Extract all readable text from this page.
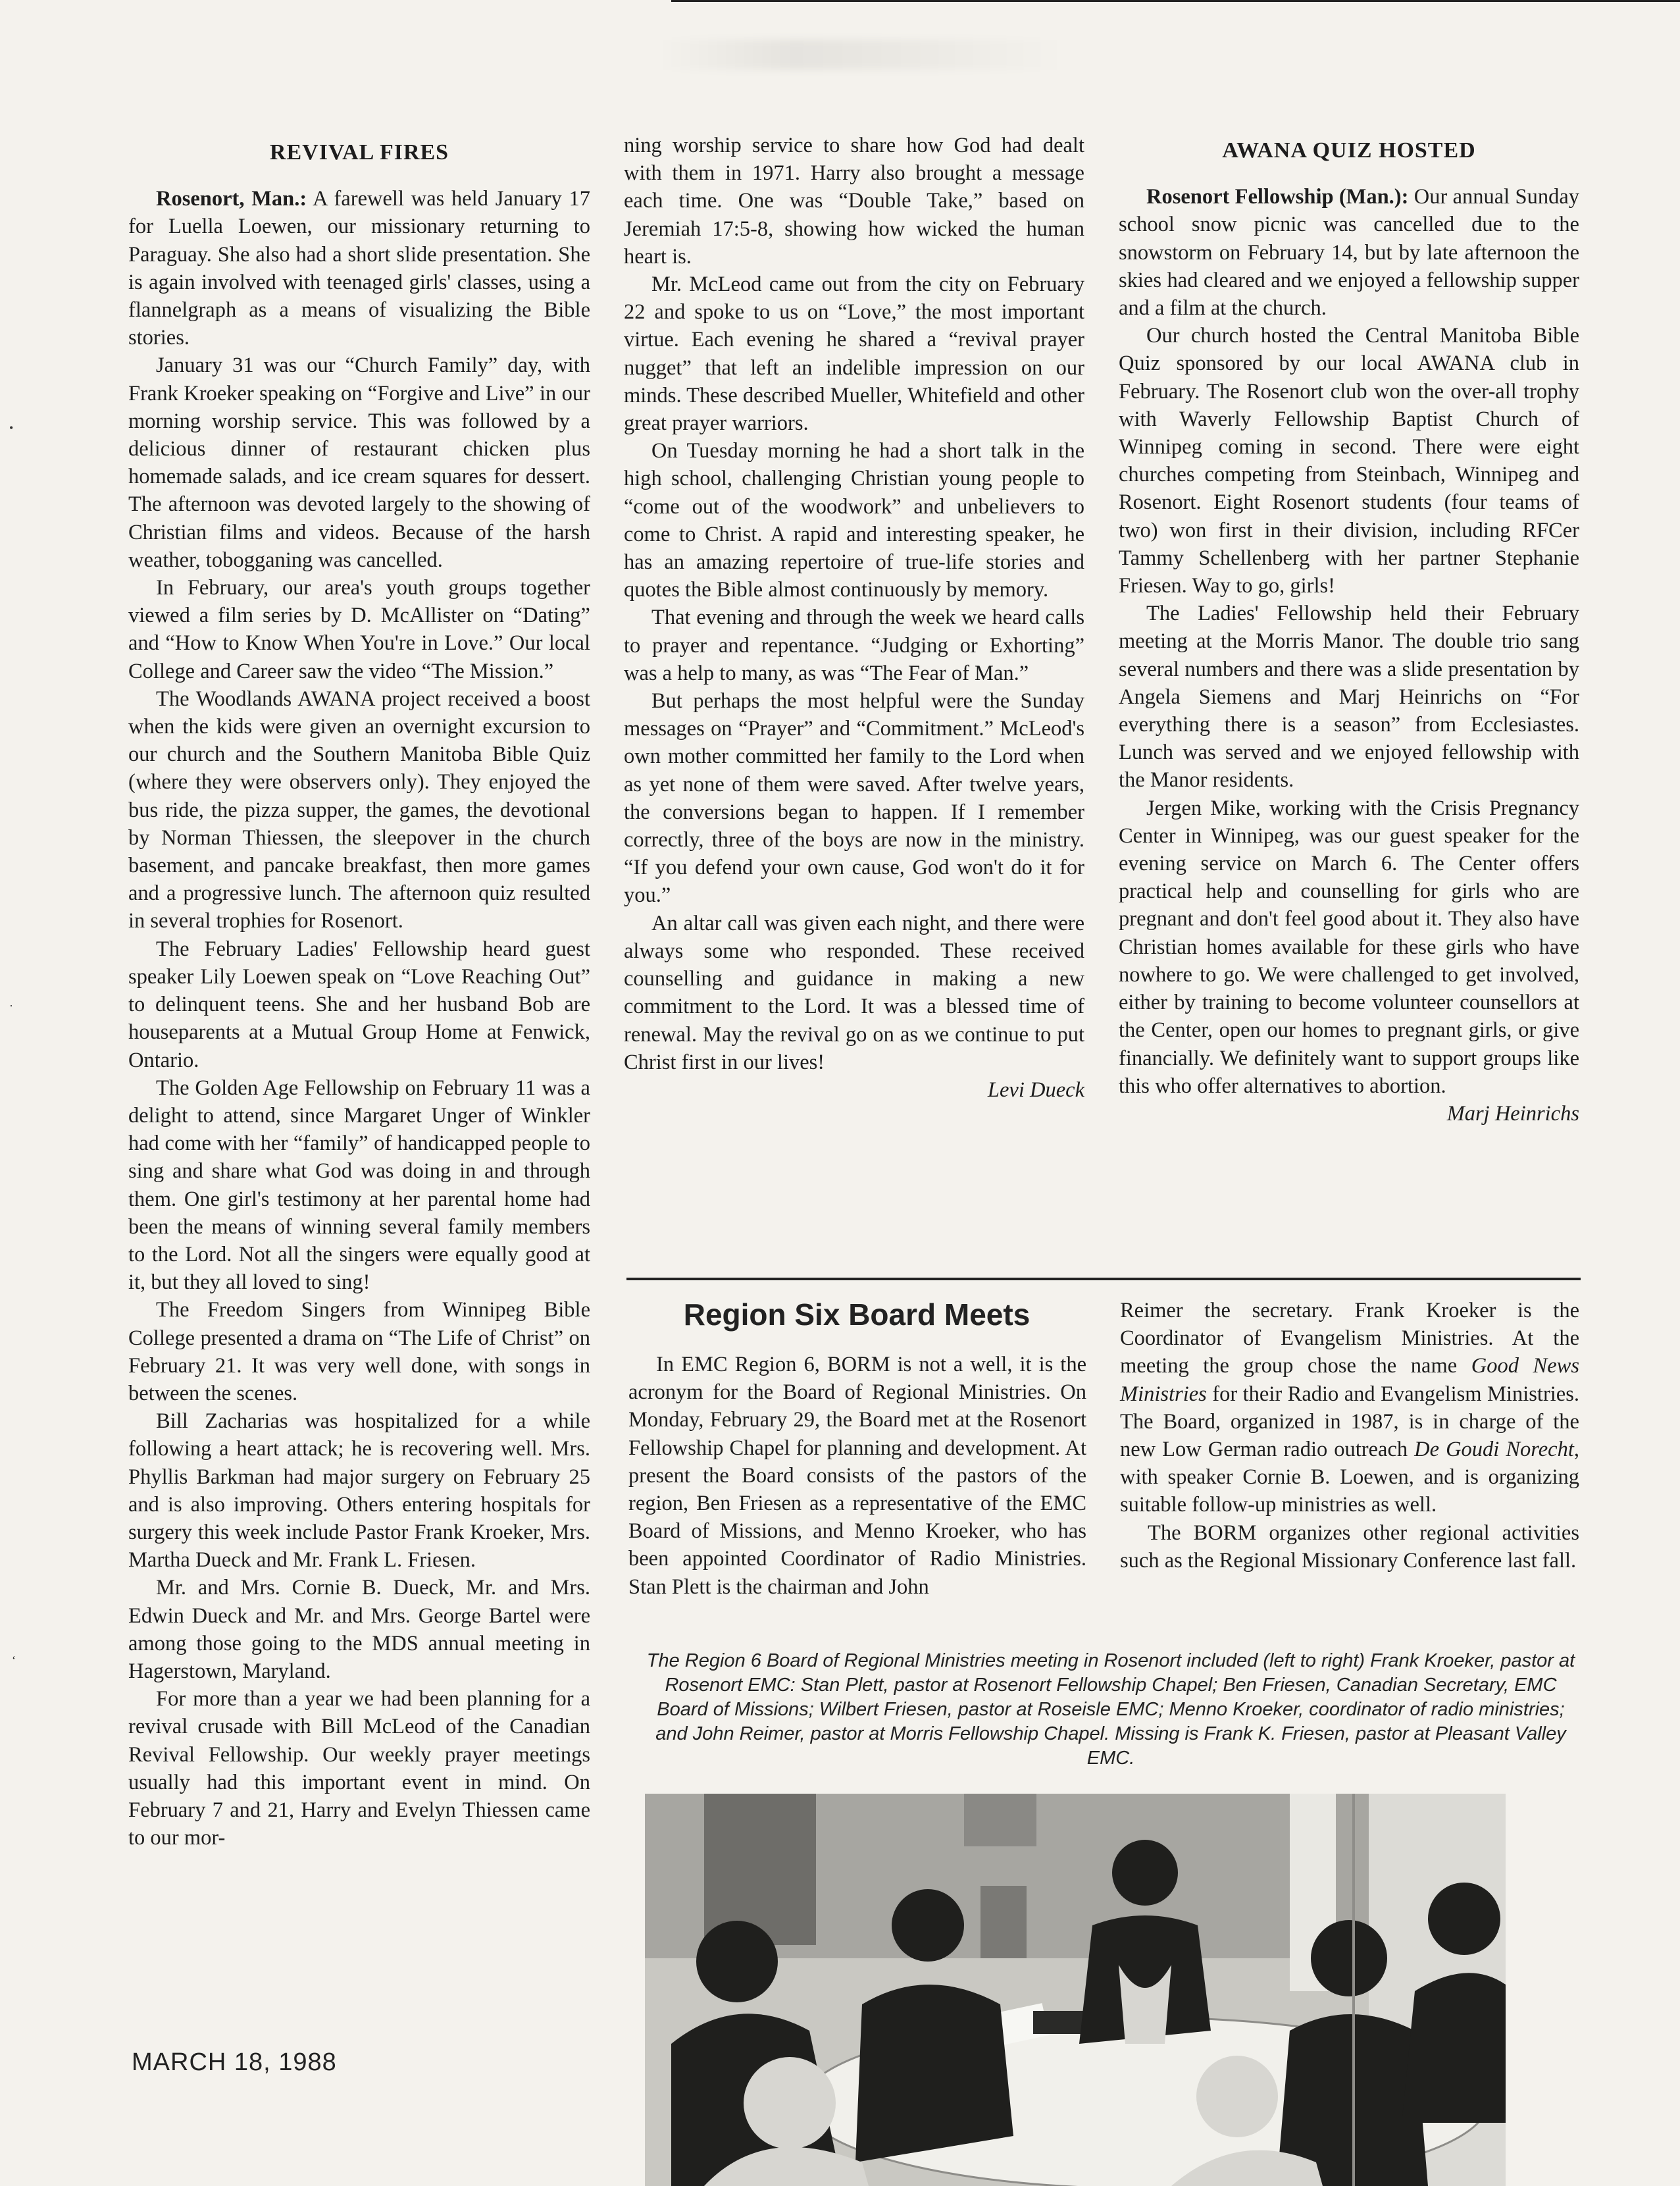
•
·
ʻ
REVIVAL FIRES

Rosenort, Man.: A farewell was held January 17 for Luella Loewen, our missionary returning to Paraguay. She also had a short slide presentation. She is again involved with teenaged girls' classes, using a flannelgraph as a means of visualizing the Bible stories.

January 31 was our “Church Family” day, with Frank Kroeker speaking on “Forgive and Live” in our morning worship service. This was followed by a delicious dinner of restaurant chicken plus homemade salads, and ice cream squares for dessert. The afternoon was devoted largely to the showing of Christian films and videos. Because of the harsh weather, tobogganing was cancelled.

In February, our area's youth groups together viewed a film series by D. McAllister on “Dating” and “How to Know When You're in Love.” Our local College and Career saw the video “The Mission.”

The Woodlands AWANA project received a boost when the kids were given an overnight excursion to our church and the Southern Manitoba Bible Quiz (where they were observers only). They enjoyed the bus ride, the pizza supper, the games, the devotional by Norman Thiessen, the sleepover in the church basement, and pancake breakfast, then more games and a progressive lunch. The afternoon quiz resulted in several trophies for Rosenort.

The February Ladies' Fellowship heard guest speaker Lily Loewen speak on “Love Reaching Out” to delinquent teens. She and her husband Bob are houseparents at a Mutual Group Home at Fenwick, Ontario.

The Golden Age Fellowship on February 11 was a delight to attend, since Margaret Unger of Winkler had come with her “family” of handicapped people to sing and share what God was doing in and through them. One girl's testimony at her parental home had been the means of winning several family members to the Lord. Not all the singers were equally good at it, but they all loved to sing!

The Freedom Singers from Winnipeg Bible College presented a drama on “The Life of Christ” on February 21. It was very well done, with songs in between the scenes.

Bill Zacharias was hospitalized for a while following a heart attack; he is recovering well. Mrs. Phyllis Barkman had major surgery on February 25 and is also improving. Others entering hospitals for surgery this week include Pastor Frank Kroeker, Mrs. Martha Dueck and Mr. Frank L. Friesen.

Mr. and Mrs. Cornie B. Dueck, Mr. and Mrs. Edwin Dueck and Mr. and Mrs. George Bartel were among those going to the MDS annual meeting in Hagerstown, Maryland.

For more than a year we had been planning for a revival crusade with Bill McLeod of the Canadian Revival Fellowship. Our weekly prayer meetings usually had this important event in mind. On February 7 and 21, Harry and Evelyn Thiessen came to our mor-

ning worship service to share how God had dealt with them in 1971. Harry also brought a message each time. One was “Double Take,” based on Jeremiah 17:5-8, showing how wicked the human heart is.

Mr. McLeod came out from the city on February 22 and spoke to us on “Love,” the most important virtue. Each evening he shared a “revival prayer nugget” that left an indelible impression on our minds. These described Mueller, Whitefield and other great prayer warriors.

On Tuesday morning he had a short talk in the high school, challenging Christian young people to “come out of the woodwork” and unbelievers to come to Christ. A rapid and interesting speaker, he has an amazing repertoire of true-life stories and quotes the Bible almost continuously by memory.

That evening and through the week we heard calls to prayer and repentance. “Judging or Exhorting” was a help to many, as was “The Fear of Man.”

But perhaps the most helpful were the Sunday messages on “Prayer” and “Commitment.” McLeod's own mother committed her family to the Lord when as yet none of them were saved. After twelve years, the conversions began to happen. If I remember correctly, three of the boys are now in the ministry. “If you defend your own cause, God won't do it for you.”

An altar call was given each night, and there were always some who responded. These received counselling and guidance in making a new commitment to the Lord. It was a blessed time of renewal. May the revival go on as we continue to put Christ first in our lives!

Levi Dueck

AWANA QUIZ HOSTED

Rosenort Fellowship (Man.): Our annual Sunday school snow picnic was cancelled due to the snowstorm on February 14, but by late afternoon the skies had cleared and we enjoyed a fellowship supper and a film at the church.

Our church hosted the Central Manitoba Bible Quiz sponsored by our local AWANA club in February. The Rosenort club won the over-all trophy with Waverly Fellowship Baptist Church of Winnipeg coming in second. There were eight churches competing from Steinbach, Winnipeg and Rosenort. Eight Rosenort students (four teams of two) won first in their division, including RFCer Tammy Schellenberg with her partner Stephanie Friesen. Way to go, girls!

The Ladies' Fellowship held their February meeting at the Morris Manor. The double trio sang several numbers and there was a slide presentation by Angela Siemens and Marj Heinrichs on “For everything there is a season” from Ecclesiastes. Lunch was served and we enjoyed fellowship with the Manor residents.

Jergen Mike, working with the Crisis Pregnancy Center in Winnipeg, was our guest speaker for the evening service on March 6. The Center offers practical help and counselling for girls who are pregnant and don't feel good about it. They also have Christian homes available for these girls who have nowhere to go. We were challenged to get involved, either by training to become volunteer counsellors at the Center, open our homes to pregnant girls, or give financially. We definitely want to support groups like this who offer alternatives to abortion.

Marj Heinrichs

Region Six Board Meets

In EMC Region 6, BORM is not a well, it is the acronym for the Board of Regional Ministries. On Monday, February 29, the Board met at the Rosenort Fellowship Chapel for planning and development. At present the Board consists of the pastors of the region, Ben Friesen as a representative of the EMC Board of Missions, and Menno Kroeker, who has been appointed Coordinator of Radio Ministries. Stan Plett is the chairman and John

Reimer the secretary. Frank Kroeker is the Coordinator of Evangelism Ministries. At the meeting the group chose the name Good News Ministries for their Radio and Evangelism Ministries. The Board, organized in 1987, is in charge of the new Low German radio outreach De Goudi Norecht, with speaker Cornie B. Loewen, and is organizing suitable follow-up ministries as well.

The BORM organizes other regional activities such as the Regional Missionary Conference last fall.

The Region 6 Board of Regional Ministries meeting in Rosenort included (left to right) Frank Kroeker, pastor at Rosenort EMC: Stan Plett, pastor at Rosenort Fellowship Chapel; Ben Friesen, Canadian Secretary, EMC Board of Missions; Wilbert Friesen, pastor at Roseisle EMC; Menno Kroeker, coordinator of radio ministries; and John Reimer, pastor at Morris Fellowship Chapel. Missing is Frank K. Friesen, pastor at Pleasant Valley EMC.
MARCH 18, 1988
